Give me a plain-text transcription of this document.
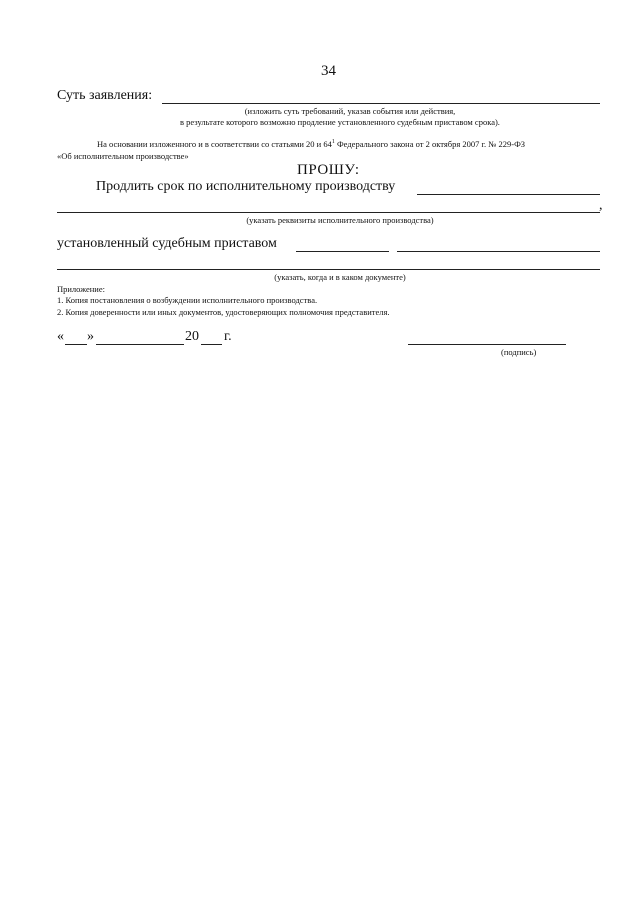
34
Суть заявления:
(изложить суть требований, указав события или действия,
в результате которого возможно продление установленного судебным приставом срока).
На основании изложенного и в соответствии со статьями 20 и $64^1$ Федерального закона от 2 октября 2007 г. № 229-ФЗ
«Об исполнительном производстве»
ПРОШУ:
Продлить срок по исполнительному производству
,
(указать реквизиты исполнительного производства)
установленный судебным приставом
(указать, когда и в каком документе)
Приложение:
1. Копия постановления о возбуждении исполнительного производства.
2. Копия доверенности или иных документов, удостоверяющих полномочия представителя.
« »	20 г.
(подпись)
